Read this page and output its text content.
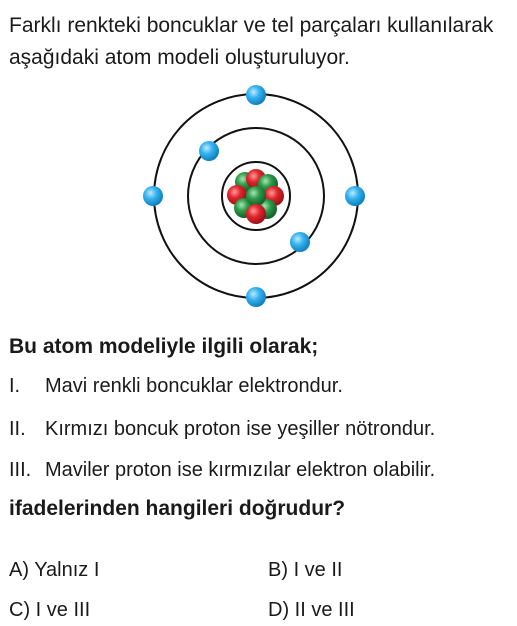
Farklı renkteki boncuklar ve tel parçaları kullanılarak aşağıdaki atom modeli oluşturuluyor.
Bu atom modeliyle ilgili olarak;
I. Mavi renkli boncuklar elektrondur.
II. Kırmızı boncuk proton ise yeşiller nötrondur.
III. Maviler proton ise kırmızılar elektron olabilir.
ifadelerinden hangileri doğrudur?
A) Yalnız I	B) I ve II
C) I ve III	D) II ve III
